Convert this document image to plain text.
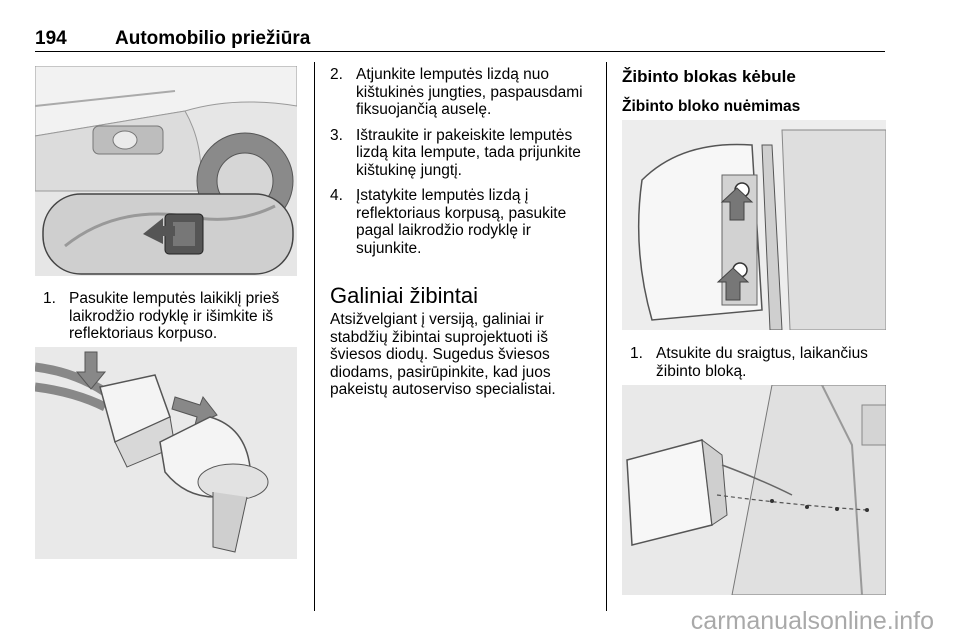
194	Automobilio priežiūra
1. Pasukite lemputės laikiklį prieš laikrodžio rodyklę ir išimkite iš reflektoriaus korpuso.
2. Atjunkite lemputės lizdą nuo kištukinės jungties, paspausdami fiksuojančią auselę.
3. Ištraukite ir pakeiskite lemputės lizdą kita lempute, tada prijunkite kištukinę jungtį.
4. Įstatykite lemputės lizdą į reflektoriaus korpusą, pasukite pagal laikrodžio rodyklę ir sujunkite.
Galiniai žibintai

Atsižvelgiant į versiją, galiniai ir stabdžių žibintai suprojektuoti iš šviesos diodų. Sugedus šviesos diodams, pasirūpinkite, kad juos pakeistų autoserviso specialistai.

Žibinto blokas kėbule
Žibinto bloko nuėmimas
1. Atsukite du sraigtus, laikančius žibinto bloką.
carmanualsonline.info
